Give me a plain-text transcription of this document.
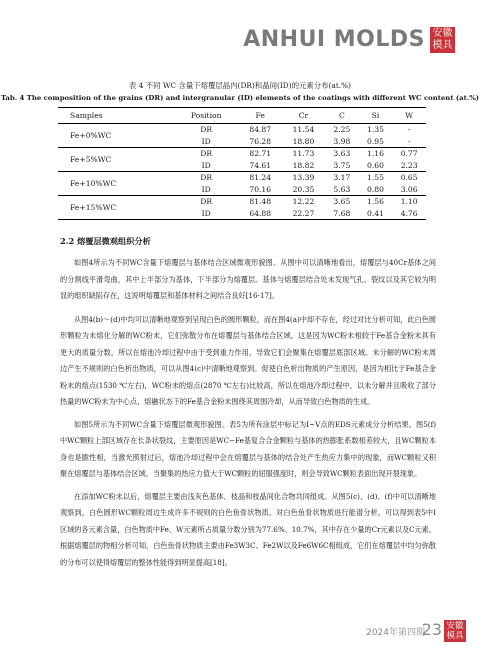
ANHUI MOLDS 安徽
模具
表 4 不同 WC 含量下熔覆层晶内(DR)和晶间(ID)的元素分布(at.%)
Tab. 4 The composition of the grains (DR) and intergranular (ID) elements of the coatings with different WC content (at.%)
Samples	Position	Fe	Cr	C	Si	W
Fe+0%WC	DR	84.87	11.54	2.25	1.35	-
	ID	76.28	18.80	3.98	0.95	-
Fe+5%WC	DR	82.71	11.73	3.63	1.16	0.77
	ID	74.61	18.82	3.75	0.60	2.23
Fe+10%WC	DR	81.24	13.39	3.17	1.55	0.65
	ID	70.16	20.35	5.63	0.80	3.06
Fe+15%WC	DR	81.48	12.22	3.65	1.56	1.10
	ID	64.88	22.27	7.68	0.41	4.76
2.2 熔覆层微观组织分析

如图4所示为不同WC含量下熔覆层与基体结合区域微观形貌图。从图中可以清晰地看出，熔覆层与40Cr基体之间的分割线平滑弯曲，其中上半部分为基体，下半部分为熔覆层。基体与熔覆层结合处未发现气孔、裂纹以及其它较为明显的组织缺陷存在，这说明熔覆层和基体材料之间结合良好[16-17]。

从图4(b)～(d)中均可以清晰地观察到呈现白色的圆形颗粒，而在图4(a)中却不存在，经过对比分析可知，此白色圆形颗粒为未熔化分解的WC粉末，它们弥散分布在熔覆层与基体结合区域。这是因为WC粉末相较于Fe基合金粉末具有更大的质量分数，所以在熔池冷却过程中由于受到重力作用，导致它们会聚集在熔覆层底部区域。未分解的WC粉末周边产生不规则的白色析出物质，可以从图4(c)中清晰地观察到。促使白色析出物质的产生原因，是因为相比于Fe基合金粉末的熔点(1530 ℃左右)，WC粉末的熔点(2870 ℃左右)比较高，所以在熔池冷却过程中，以未分解并且吸收了部分热量的WC粉末为中心点，熔融状态下的Fe基合金粉末围绕其周围冷却，从而导致白色物质的生成。

如图5所示为不同WC含量下熔覆层微观形貌图。表5为所有涂层中标记为I~Ⅴ点的EDS元素成分分析结果。图5(f)中WC颗粒上部区域存在长条状裂纹，主要原因是WC−Fe基复合合金颗粒与基体的热膨胀系数相差较大，且WC颗粒本身也是脆性相，当激光照射过后，熔池冷却过程中会在熔覆层与基体的结合处产生热应力集中的现象，而WC颗粒又积聚在熔覆层与基体结合区域，当聚集的热应力值大于WC颗粒的屈服强度时，则会导致WC颗粒表面出现开裂现象。

在添加WC粉末以后，熔覆层主要由浅灰色基体、枝晶和枝晶间化合物共同组成。从图5(c)、(d)、(f)中可以清晰地观察到，白色圆形WC颗粒周边生成许多不规则的白色鱼骨状物质。对白色鱼骨状物质进行能谱分析，可以得到表5中Ⅰ区域的各元素含量，白色物质中Fe、W元素所占质量分数分别为77.6%、10.7%，其中存在少量的Cr元素以及C元素。根据熔覆层的物相分析可知，白色鱼骨状物质主要由Fe3W3C、Fe2W以及Fe6W6C相组成，它们在熔覆层中均匀弥散的分布可以使得熔覆层的整体性能得到明显提高[18]。

2024年第四期
23 安徽
模具
